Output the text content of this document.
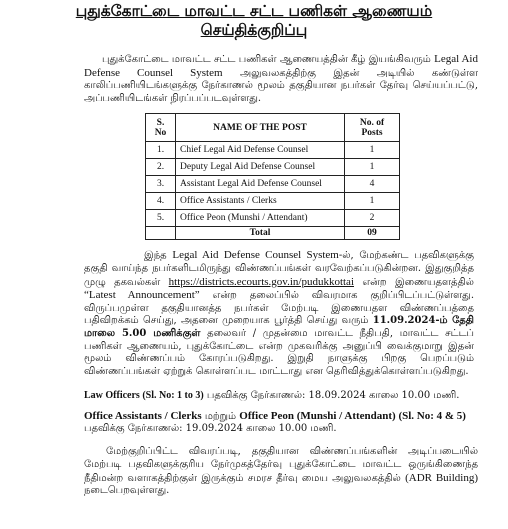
புதுக்கோட்டை மாவட்ட சட்ட பணிகள் ஆணையம்
செய்திக்குறிப்பு

புதுக்கோட்டை மாவட்ட சட்ட பணிகள் ஆணையத்தின் கீழ் இயங்கிவரும் Legal Aid Defense Counsel System அலுவலகத்திற்கு இதன் அடியில் கண்டுள்ள காலிப்பணியிடங்களுக்கு நேர்காணல் மூலம் தகுதியான நபர்கள் தேர்வு செய்யப்பட்டு, அப்பணியிடங்கள் நிரப்பப்படவுள்ளது.

S. No	NAME OF THE POST	No. of Posts
1.	Chief Legal Aid Defense Counsel	1
2.	Deputy Legal Aid Defense Counsel	1
3.	Assistant Legal Aid Defense Counsel	4
4.	Office Assistants / Clerks	1
5.	Office Peon (Munshi / Attendant)	2
	Total	09

இந்த Legal Aid Defense Counsel System-ல், மேற்கண்ட பதவிகளுக்கு தகுதி வாய்ந்த நபர்களிடமிருந்து விண்ணப்பங்கள் வரவேற்கப்படுகின்றன. இதுகுறித்த முழு தகவல்கள் https://districts.ecourts.gov.in/pudukkottai என்ற இணையதளத்தில் “Latest Announcement” என்ற தலைப்பில் விவரமாக குறிப்பிடப்பட்டுள்ளது. விருப்பமுள்ள தகுதியானத்த நபர்கள் மேற்படி இணையதள விண்ணப்பத்தை பதிவிறக்கம் செய்து, அதனை முறையாக பூர்த்தி செய்து வரும் 11.09.2024-ம் தேதி மாலை 5.00 மணிக்குள் தலைவர் / முதன்மை மாவட்ட நீதிபதி, மாவட்ட சட்டப் பணிகள் ஆணையம், புதுக்கோட்டை என்ற முகவரிக்கு அனுப்பி வைக்குமாறு இதன் மூலம் விண்ணப்பம் கோரப்படுகிறது. இறுதி நாளுக்கு பிறகு பெறப்படும் விண்ணப்பங்கள் ஏற்றுக் கொள்ளப்பட மாட்டாது என தெரிவித்துக்கொள்ளப்படுகிறது.

Law Officers (Sl. No: 1 to 3) பதவிக்கு நேர்காணல்: 18.09.2024 காலை 10.00 மணி.

Office Assistants / Clerks மற்றும் Office Peon (Munshi / Attendant) (Sl. No: 4 & 5) பதவிக்கு நேர்காணல்: 19.09.2024 காலை 10.00 மணி.

மேற்குறிப்பிட்ட விவரப்படி, தகுதியான விண்ணப்பங்களின் அடிப்படையில் மேற்படி பதவிகளுக்குரிய நேர்முகத்தேர்வு புதுக்கோட்டை மாவட்ட ஒருங்கிணைந்த நீதிமன்ற வளாகத்திற்குள் இருக்கும் சமரச தீர்வு மைய அலுவலகத்தில் (ADR Building) நடைபெறவுள்ளது.
